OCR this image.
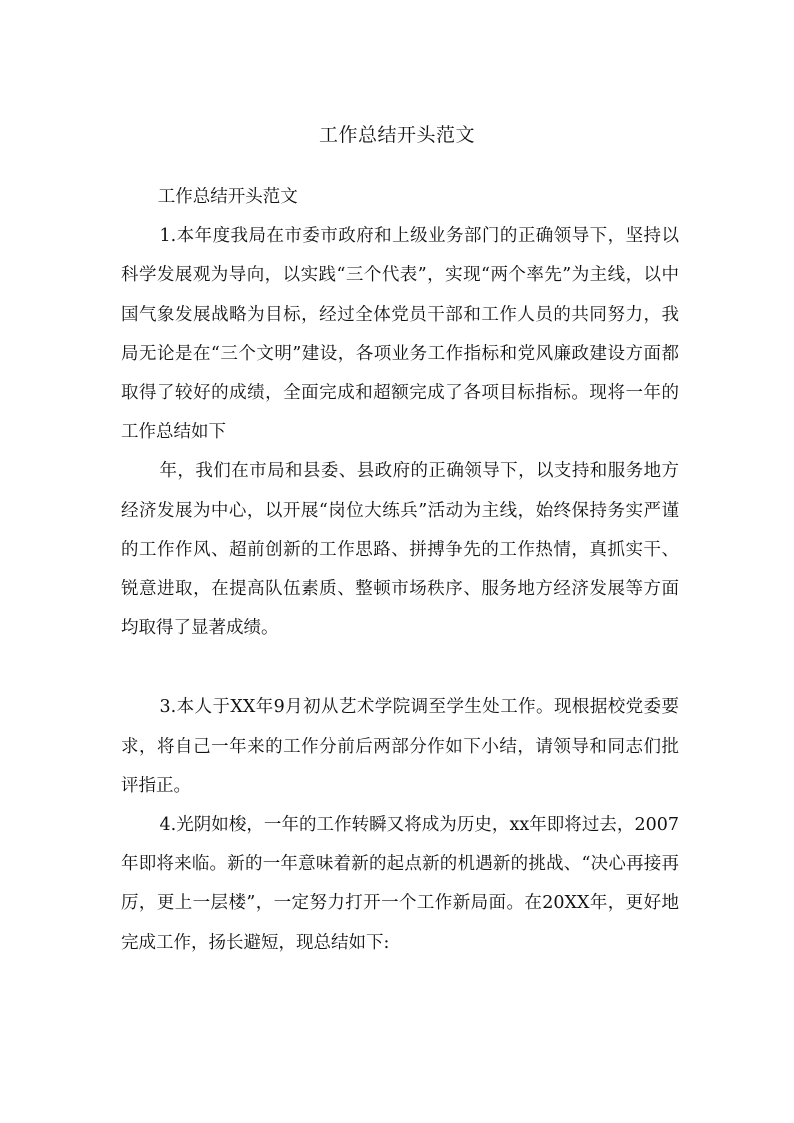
工作总结开头范文

工作总结开头范文

1.本年度我局在市委市政府和上级业务部门的正确领导下，坚持以科学发展观为导向，以实践“三个代表”，实现“两个率先”为主线，以中国气象发展战略为目标，经过全体党员干部和工作人员的共同努力，我局无论是在“三个文明”建设，各项业务工作指标和党风廉政建设方面都取得了较好的成绩，全面完成和超额完成了各项目标指标。现将一年的工作总结如下

年，我们在市局和县委、县政府的正确领导下，以支持和服务地方经济发展为中心，以开展“岗位大练兵”活动为主线，始终保持务实严谨的工作作风、超前创新的工作思路、拼搏争先的工作热情，真抓实干、锐意进取，在提高队伍素质、整顿市场秩序、服务地方经济发展等方面均取得了显著成绩。

3.本人于XX年9月初从艺术学院调至学生处工作。现根据校党委要求，将自己一年来的工作分前后两部分作如下小结，请领导和同志们批评指正。

4.光阴如梭，一年的工作转瞬又将成为历史，xx年即将过去，2007年即将来临。新的一年意味着新的起点新的机遇新的挑战、“决心再接再厉，更上一层楼”，一定努力打开一个工作新局面。在20XX年，更好地完成工作，扬长避短，现总结如下:
